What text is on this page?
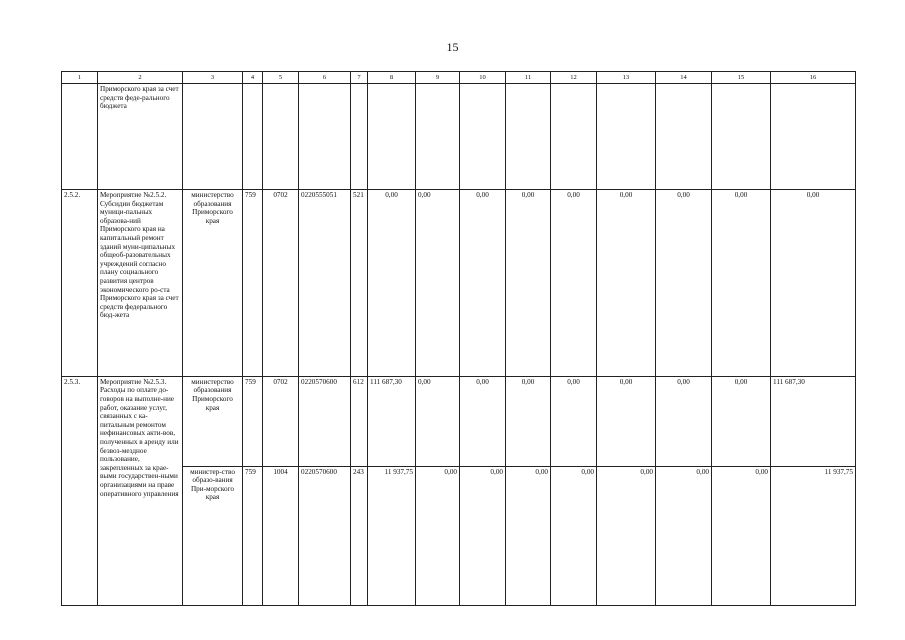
15
1	2	3	4	5	6	7	8	9	10	11	12	13	14	15	16
	Приморского края за счет средств феде-рального бюджета														
2.5.2.	Мероприятие №2.5.2. Субсидии бюджетам муници-пальных образова-ний Приморского края на капитальный ремонт зданий муни-ципальных общеоб-разовательных учреждений согласно плану социального развития центров экономического ро-ста Приморского края за счет средств федерального бюд-жета	министерство образования Приморского края	759	0702	0220555051	521	0,00	0,00	0,00	0,00	0,00	0,00	0,00	0,00	0,00
2.5.3.	Мероприятие №2.5.3. Расходы по оплате до-говоров на выполне-ние работ, оказание услуг, связанных с ка-питальным ремонтом нефинансовых акти-вов, полученных в аренду или безвоз-мездное пользование, закрепленных за крае-выми государствен-ными организациями на праве оперативного управления	министерство образования Приморского края	759	0702	0220570600	612	111 687,30	0,00	0,00	0,00	0,00	0,00	0,00	0,00	111 687,30
		министер-ство образо-вания При-морского края	759	1004	0220570600	243	11 937,75	0,00	0,00	0,00	0,00	0,00	0,00	0,00	11 937,75
